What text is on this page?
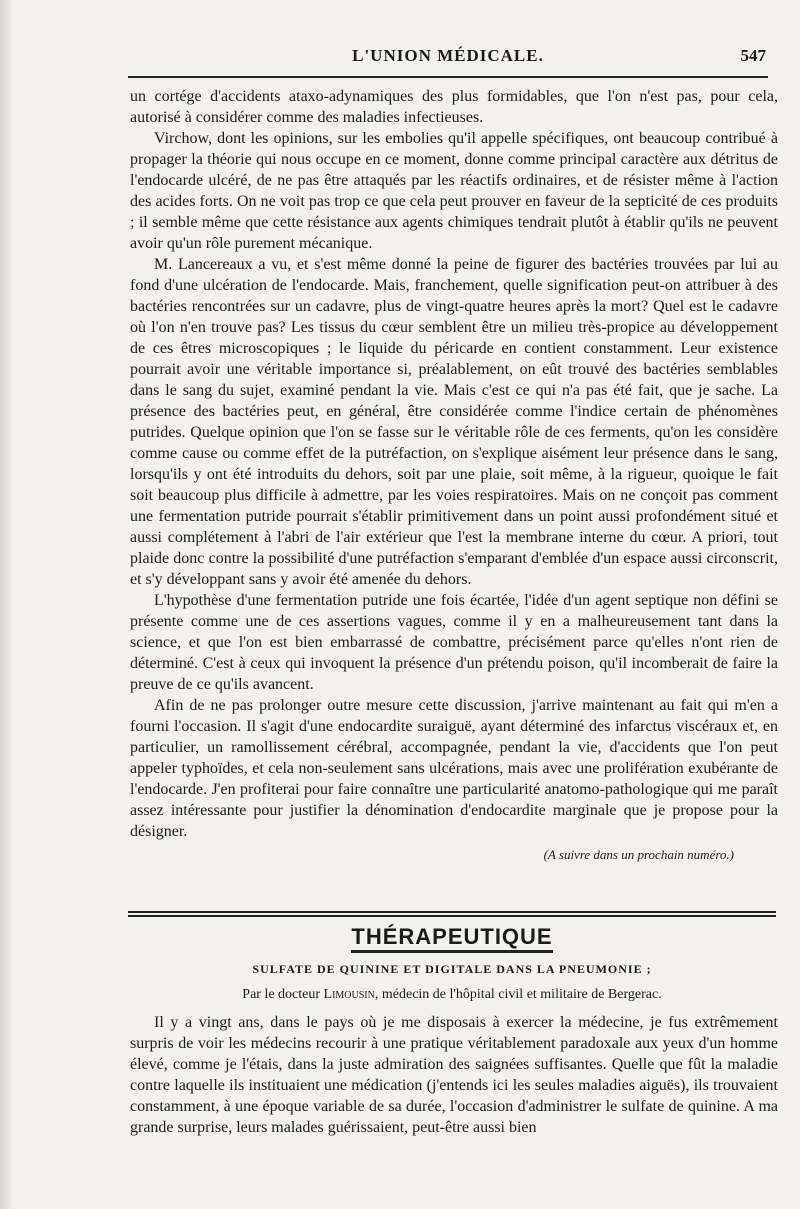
L'UNION MÉDICALE.	547

un cortége d'accidents ataxo-adynamiques des plus formidables, que l'on n'est pas, pour cela, autorisé à considérer comme des maladies infectieuses.

Virchow, dont les opinions, sur les embolies qu'il appelle spécifiques, ont beaucoup contribué à propager la théorie qui nous occupe en ce moment, donne comme principal caractère aux détritus de l'endocarde ulcéré, de ne pas être attaqués par les réactifs ordinaires, et de résister même à l'action des acides forts. On ne voit pas trop ce que cela peut prouver en faveur de la septicité de ces produits ; il semble même que cette résistance aux agents chimiques tendrait plutôt à établir qu'ils ne peuvent avoir qu'un rôle purement mécanique.

M. Lancereaux a vu, et s'est même donné la peine de figurer des bactéries trouvées par lui au fond d'une ulcération de l'endocarde. Mais, franchement, quelle signification peut-on attribuer à des bactéries rencontrées sur un cadavre, plus de vingt-quatre heures après la mort? Quel est le cadavre où l'on n'en trouve pas? Les tissus du cœur semblent être un milieu très-propice au développement de ces êtres microscopiques ; le liquide du péricarde en contient constamment. Leur existence pourrait avoir une véritable importance si, préalablement, on eût trouvé des bactéries semblables dans le sang du sujet, examiné pendant la vie. Mais c'est ce qui n'a pas été fait, que je sache. La présence des bactéries peut, en général, être considérée comme l'indice certain de phénomènes putrides. Quelque opinion que l'on se fasse sur le véritable rôle de ces ferments, qu'on les considère comme cause ou comme effet de la putréfaction, on s'explique aisément leur présence dans le sang, lorsqu'ils y ont été introduits du dehors, soit par une plaie, soit même, à la rigueur, quoique le fait soit beaucoup plus difficile à admettre, par les voies respiratoires. Mais on ne conçoit pas comment une fermentation putride pourrait s'établir primitivement dans un point aussi profondément situé et aussi complétement à l'abri de l'air extérieur que l'est la membrane interne du cœur. A priori, tout plaide donc contre la possibilité d'une putréfaction s'emparant d'emblée d'un espace aussi circonscrit, et s'y développant sans y avoir été amenée du dehors.

L'hypothèse d'une fermentation putride une fois écartée, l'idée d'un agent septique non défini se présente comme une de ces assertions vagues, comme il y en a malheureusement tant dans la science, et que l'on est bien embarrassé de combattre, précisément parce qu'elles n'ont rien de déterminé. C'est à ceux qui invoquent la présence d'un prétendu poison, qu'il incomberait de faire la preuve de ce qu'ils avancent.

Afin de ne pas prolonger outre mesure cette discussion, j'arrive maintenant au fait qui m'en a fourni l'occasion. Il s'agit d'une endocardite suraiguë, ayant déterminé des infarctus viscéraux et, en particulier, un ramollissement cérébral, accompagnée, pendant la vie, d'accidents que l'on peut appeler typhoïdes, et cela non-seulement sans ulcérations, mais avec une prolifération exubérante de l'endocarde. J'en profiterai pour faire connaître une particularité anatomo-pathologique qui me paraît assez intéressante pour justifier la dénomination d'endocardite marginale que je propose pour la désigner.

(A suivre dans un prochain numéro.)
THÉRAPEUTIQUE
SULFATE DE QUININE ET DIGITALE DANS LA PNEUMONIE ;
Par le docteur Limousin, médecin de l'hôpital civil et militaire de Bergerac.

Il y a vingt ans, dans le pays où je me disposais à exercer la médecine, je fus extrêmement surpris de voir les médecins recourir à une pratique véritablement paradoxale aux yeux d'un homme élevé, comme je l'étais, dans la juste admiration des saignées suffisantes. Quelle que fût la maladie contre laquelle ils instituaient une médication (j'entends ici les seules maladies aiguës), ils trouvaient constamment, à une époque variable de sa durée, l'occasion d'administrer le sulfate de quinine. A ma grande surprise, leurs malades guérissaient, peut-être aussi bien
